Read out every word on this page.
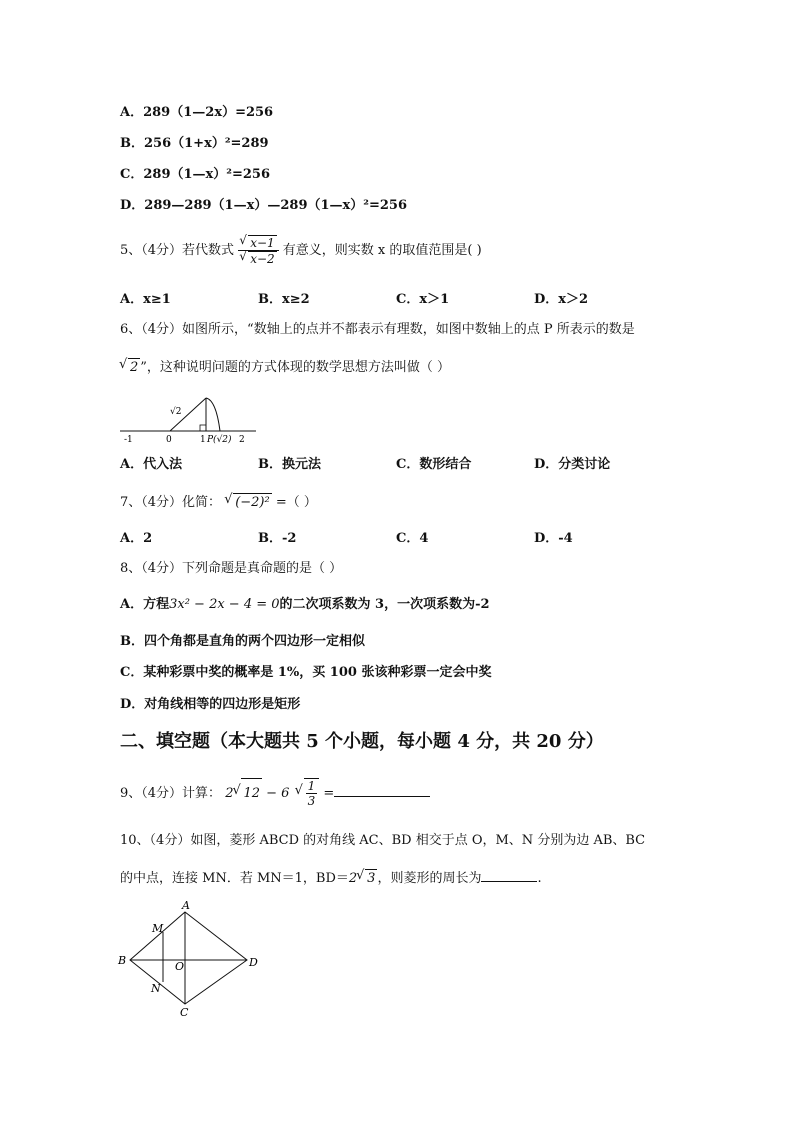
A．289（1—2x）=256
B．256（1+x）²=289
C．289（1—x）²=256
D．289—289（1—x）—289（1—x）²=256
5、（4分）若代数式 √ x−1
√ x−2 有意义，则实数 x 的取值范围是( )
A．x≥1	B．x≥2	C．x＞1	D．x＞2
6、（4分）如图所示，“数轴上的点并不都表示有理数，如图中数轴上的点 P 所表示的数是
√ 2 ”，这种说明问题的方式体现的数学思想方法叫做（ ）
-1	0	1 P(√2) 2
√2
A．代入法	B．换元法	C．数形结合	D．分类讨论
7、（4分）化简： √ (−2)² =（ ）
A．2	B．-2	C．4	D．-4
8、（4分）下列命题是真命题的是（ ）
A．方程3x² − 2x − 4 = 0的二次项系数为 3，一次项系数为-2
B．四个角都是直角的两个四边形一定相似
C．某种彩票中奖的概率是 1%，买 100 张该种彩票一定会中奖
D．对角线相等的四边形是矩形
二、填空题（本大题共 5 个小题，每小题 4 分，共 20 分）
9、（4分）计算： 2 √ 12 − 6 √ $\frac{1}{3}$ =
10、（4分）如图，菱形 ABCD 的对角线 AC、BD 相交于点 O，M、N 分别为边 AB、BC
的中点，连接 MN．若 MN＝1，BD＝2 √ 3 ，则菱形的周长为	.
A
B
C
D
M
N
O
